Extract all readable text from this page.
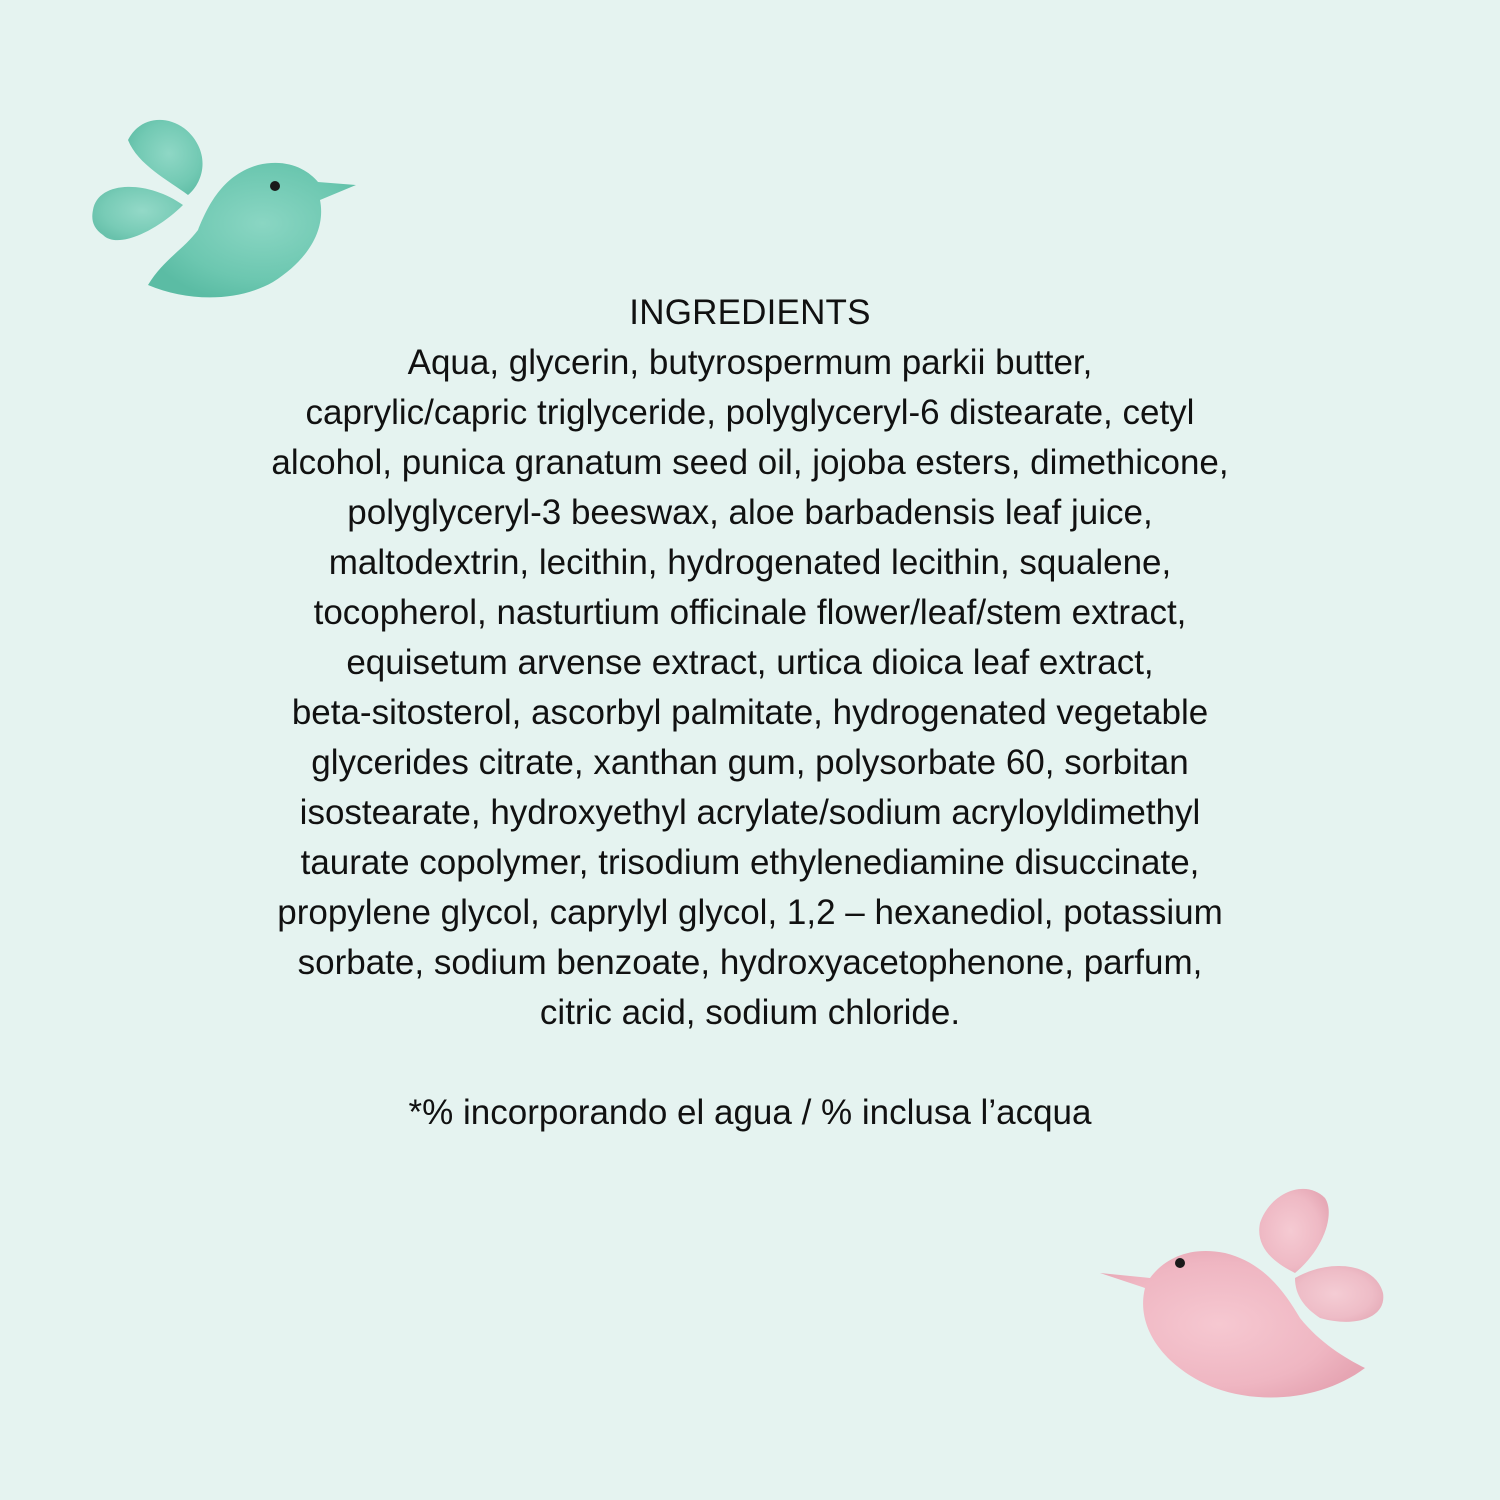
INGREDIENTS
Aqua, glycerin, butyrospermum parkii butter,
caprylic/capric triglyceride, polyglyceryl-6 distearate, cetyl
alcohol, punica granatum seed oil, jojoba esters, dimethicone,
polyglyceryl-3 beeswax, aloe barbadensis leaf juice,
maltodextrin, lecithin, hydrogenated lecithin, squalene,
tocopherol, nasturtium officinale flower/leaf/stem extract,
equisetum arvense extract, urtica dioica leaf extract,
beta-sitosterol, ascorbyl palmitate, hydrogenated vegetable
glycerides citrate, xanthan gum, polysorbate 60, sorbitan
isostearate, hydroxyethyl acrylate/sodium acryloyldimethyl
taurate copolymer, trisodium ethylenediamine disuccinate,
propylene glycol, caprylyl glycol, 1,2 – hexanediol, potassium
sorbate, sodium benzoate, hydroxyacetophenone, parfum,
citric acid, sodium chloride.
*% incorporando el agua / % inclusa l’acqua
